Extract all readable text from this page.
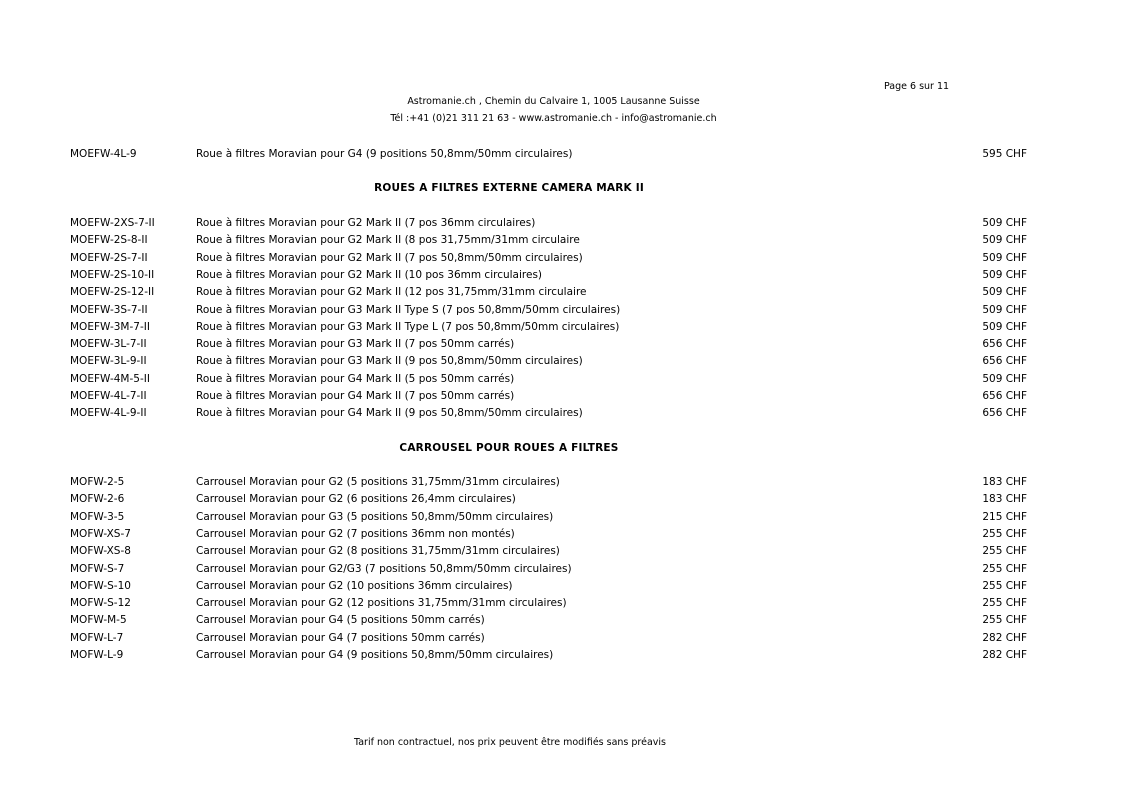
Page 6 sur 11
Astromanie.ch , Chemin du Calvaire 1, 1005 Lausanne Suisse
Tél :+41 (0)21 311 21 63 - www.astromanie.ch - info@astromanie.ch
MOEFW-4L-9	Roue à filtres Moravian pour G4 (9 positions 50,8mm/50mm circulaires)	595 CHF
ROUES A FILTRES EXTERNE CAMERA MARK II
MOEFW-2XS-7-II	Roue à filtres Moravian pour G2 Mark II (7 pos 36mm circulaires)	509 CHF
MOEFW-2S-8-II	Roue à filtres Moravian pour G2 Mark II (8 pos 31,75mm/31mm circulaire	509 CHF
MOEFW-2S-7-II	Roue à filtres Moravian pour G2 Mark II (7 pos 50,8mm/50mm circulaires)	509 CHF
MOEFW-2S-10-II	Roue à filtres Moravian pour G2 Mark II (10 pos 36mm circulaires)	509 CHF
MOEFW-2S-12-II	Roue à filtres Moravian pour G2 Mark II (12 pos 31,75mm/31mm circulaire	509 CHF
MOEFW-3S-7-II	Roue à filtres Moravian pour G3 Mark II Type S (7 pos 50,8mm/50mm circulaires)	509 CHF
MOEFW-3M-7-II	Roue à filtres Moravian pour G3 Mark II Type L (7 pos 50,8mm/50mm circulaires)	509 CHF
MOEFW-3L-7-II	Roue à filtres Moravian pour G3 Mark II (7 pos 50mm carrés)	656 CHF
MOEFW-3L-9-II	Roue à filtres Moravian pour G3 Mark II (9 pos 50,8mm/50mm circulaires)	656 CHF
MOEFW-4M-5-II	Roue à filtres Moravian pour G4 Mark II (5 pos 50mm carrés)	509 CHF
MOEFW-4L-7-II	Roue à filtres Moravian pour G4 Mark II (7 pos 50mm carrés)	656 CHF
MOEFW-4L-9-II	Roue à filtres Moravian pour G4 Mark II (9 pos 50,8mm/50mm circulaires)	656 CHF
CARROUSEL POUR ROUES A FILTRES
MOFW-2-5	Carrousel Moravian pour G2 (5 positions 31,75mm/31mm circulaires)	183 CHF
MOFW-2-6	Carrousel Moravian pour G2 (6 positions 26,4mm circulaires)	183 CHF
MOFW-3-5	Carrousel Moravian pour G3 (5 positions 50,8mm/50mm circulaires)	215 CHF
MOFW-XS-7	Carrousel Moravian pour G2 (7 positions 36mm non montés)	255 CHF
MOFW-XS-8	Carrousel Moravian pour G2 (8 positions 31,75mm/31mm circulaires)	255 CHF
MOFW-S-7	Carrousel Moravian pour G2/G3 (7 positions 50,8mm/50mm circulaires)	255 CHF
MOFW-S-10	Carrousel Moravian pour G2 (10 positions 36mm circulaires)	255 CHF
MOFW-S-12	Carrousel Moravian pour G2 (12 positions 31,75mm/31mm circulaires)	255 CHF
MOFW-M-5	Carrousel Moravian pour G4 (5 positions 50mm carrés)	255 CHF
MOFW-L-7	Carrousel Moravian pour G4 (7 positions 50mm carrés)	282 CHF
MOFW-L-9	Carrousel Moravian pour G4 (9 positions 50,8mm/50mm circulaires)	282 CHF
Tarif non contractuel, nos prix peuvent être modifiés sans préavis
